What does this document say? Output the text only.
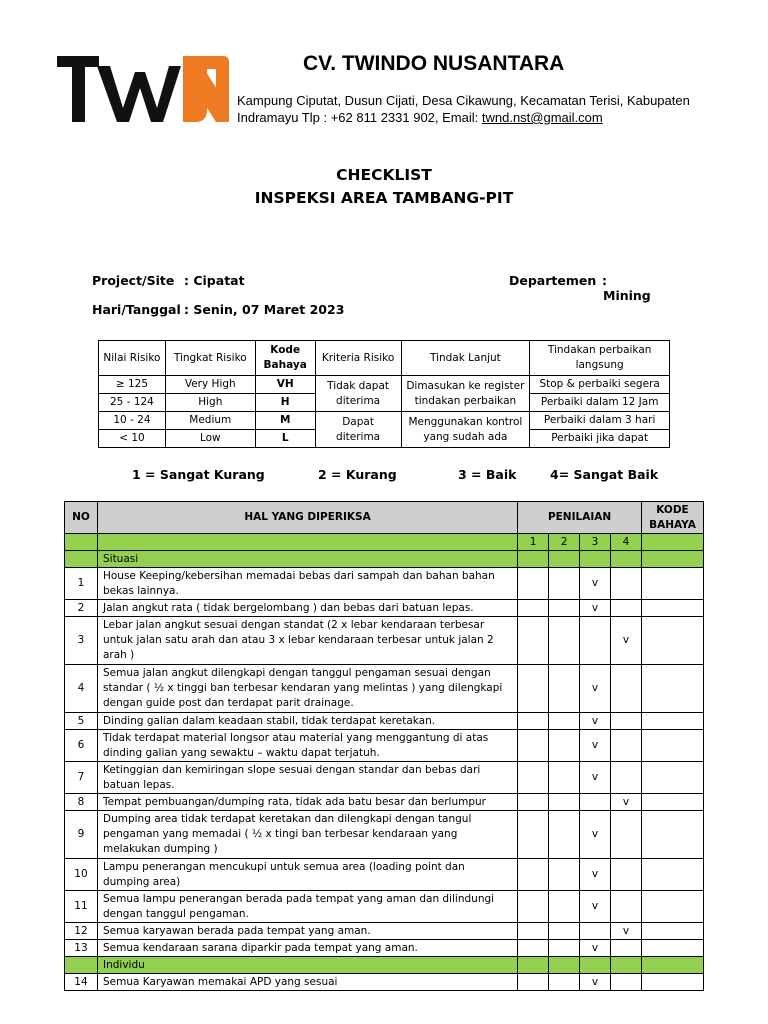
CV. TWINDO NUSANTARA
Kampung Ciputat, Dusun Cijati, Desa Cikawung, Kecamatan Terisi, Kabupaten
Indramayu Tlp : +62 811 2331 902, Email: twnd.nst@gmail.com
CHECKLIST
INSPEKSI AREA TAMBANG-PIT
Project/Site : Cipatat
Hari/Tanggal : Senin, 07 Maret 2023
Departemen :
Mining
Nilai Risiko	Tingkat Risiko	Kode Bahaya	Kriteria Risiko	Tindak Lanjut	Tindakan perbaikan langsung
≥ 125	Very High	VH	Tidak dapat diterima	Dimasukan ke register tindakan perbaikan	Stop & perbaiki segera
25 - 124	High	H			Perbaiki dalam 12 Jam
10 - 24	Medium	M	Dapat diterima	Menggunakan kontrol yang sudah ada	Perbaiki dalam 3 hari
< 10	Low	L			Perbaiki jika dapat
1 = Sangat Kurang	2 = Kurang	3 = Baik	4= Sangat Baik
NO	HAL YANG DIPERIKSA	PENILAIAN				KODE BAHAYA
		1	2	3	4	
	Situasi					
1	House Keeping/kebersihan memadai bebas dari sampah dan bahan bahan bekas lainnya.			v		
2	Jalan angkut rata ( tidak bergelombang ) dan bebas dari batuan lepas.			v		
3	Lebar jalan angkut sesuai dengan standat (2 x lebar kendaraan terbesar untuk jalan satu arah dan atau 3 x lebar kendaraan terbesar untuk jalan 2 arah )				v	
4	Semua jalan angkut dilengkapi dengan tanggul pengaman sesuai dengan standar ( ½ x tinggi ban terbesar kendaran yang melintas ) yang dilengkapi dengan guide post dan terdapat parit drainage.			v		
5	Dinding galian dalam keadaan stabil, tidak terdapat keretakan.			v		
6	Tidak terdapat material longsor atau material yang menggantung di atas dinding galian yang sewaktu – waktu dapat terjatuh.			v		
7	Ketinggian dan kemiringan slope sesuai dengan standar dan bebas dari batuan lepas.			v		
8	Tempat pembuangan/dumping rata, tidak ada batu besar dan berlumpur				v	
9	Dumping area tidak terdapat keretakan dan dilengkapi dengan tangul pengaman yang memadai ( ½ x tingi ban terbesar kendaraan yang melakukan dumping )			v		
10	Lampu penerangan mencukupi untuk semua area (loading point dan dumping area)			v		
11	Semua lampu penerangan berada pada tempat yang aman dan dilindungi dengan tanggul pengaman.			v		
12	Semua karyawan berada pada tempat yang aman.				v	
13	Semua kendaraan sarana diparkir pada tempat yang aman.			v		
	Individu					
14	Semua Karyawan memakai APD yang sesuai			v		
